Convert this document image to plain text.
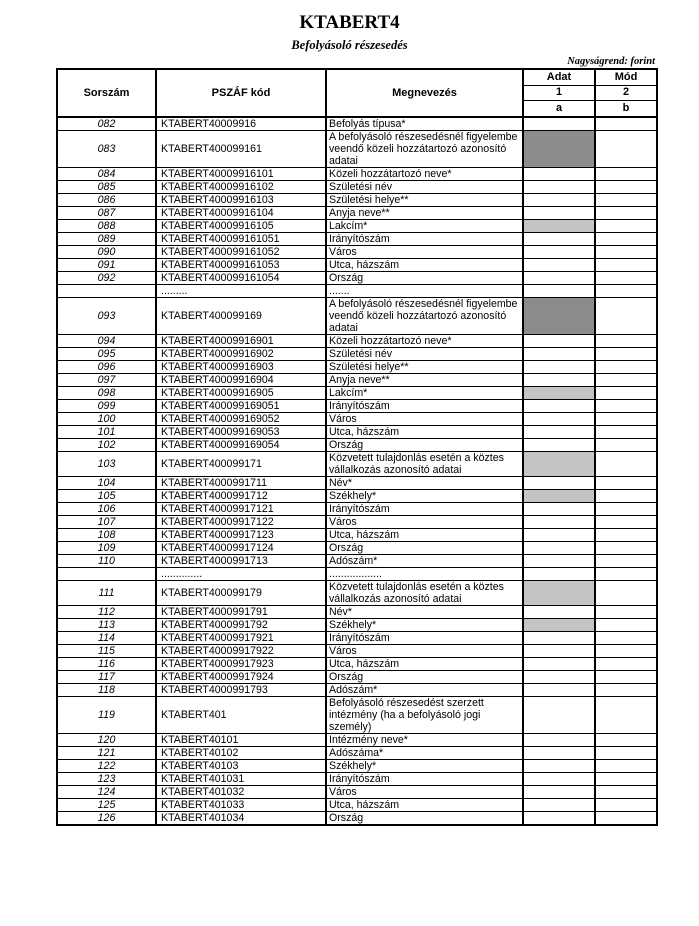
KTABERT4
Befolyásoló részesedés
Nagyságrend: forint
Sorszám	PSZÁF kód	Megnevezés	Adat	Mód
			1	2
			a	b
082	KTABERT40009916	Befolyás típusa*		
083	KTABERT400099161	A befolyásoló részesedésnél figyelembe veendő közeli hozzátartozó azonosító adatai		
084	KTABERT40009916101	Közeli hozzátartozó neve*		
085	KTABERT40009916102	Születési név		
086	KTABERT40009916103	Születési helye**		
087	KTABERT40009916104	Anyja neve**		
088	KTABERT40009916105	Lakcím*		
089	KTABERT400099161051	Irányítószám		
090	KTABERT400099161052	Város		
091	KTABERT400099161053	Utca, házszám		
092	KTABERT400099161054	Ország		
	.........	.......		
093	KTABERT400099169	A befolyásoló részesedésnél figyelembe veendő közeli hozzátartozó azonosító adatai		
094	KTABERT40009916901	Közeli hozzátartozó neve*		
095	KTABERT40009916902	Születési név		
096	KTABERT40009916903	Születési helye**		
097	KTABERT40009916904	Anyja neve**		
098	KTABERT40009916905	Lakcím*		
099	KTABERT400099169051	Irányítószám		
100	KTABERT400099169052	Város		
101	KTABERT400099169053	Utca, házszám		
102	KTABERT400099169054	Ország		
103	KTABERT400099171	Közvetett tulajdonlás esetén a köztes vállalkozás azonosító adatai		
104	KTABERT4000991711	Név*		
105	KTABERT4000991712	Székhely*		
106	KTABERT40009917121	Irányítószám		
107	KTABERT40009917122	Város		
108	KTABERT40009917123	Utca, házszám		
109	KTABERT40009917124	Ország		
110	KTABERT4000991713	Adószám*		
	..............	..................		
111	KTABERT400099179	Közvetett tulajdonlás esetén a köztes vállalkozás azonosító adatai		
112	KTABERT4000991791	Név*		
113	KTABERT4000991792	Székhely*		
114	KTABERT40009917921	Irányítószám		
115	KTABERT40009917922	Város		
116	KTABERT40009917923	Utca, házszám		
117	KTABERT40009917924	Ország		
118	KTABERT4000991793	Adószám*		
119	KTABERT401	Befolyásoló részesedést szerzett intézmény (ha a befolyásoló jogi személy)		
120	KTABERT40101	Intézmény neve*		
121	KTABERT40102	Adószáma*		
122	KTABERT40103	Székhely*		
123	KTABERT401031	Irányítószám		
124	KTABERT401032	Város		
125	KTABERT401033	Utca, házszám		
126	KTABERT401034	Ország		
